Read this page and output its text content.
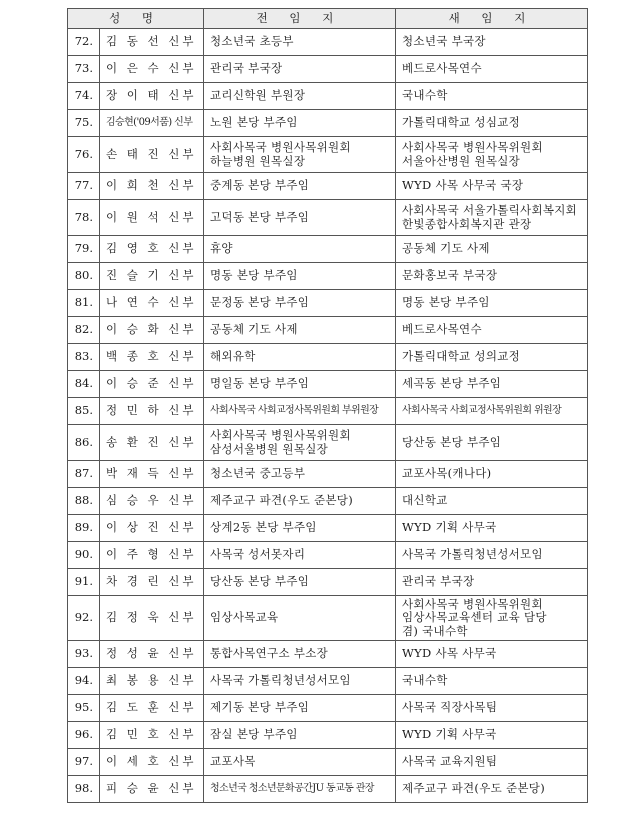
성 명		전 임 지	새 임 지
72.	김 동 선 신부	청소년국 초등부	청소년국 부국장

73.	이 은 수 신부	관리국 부국장	베드로사목연수

74.	장 이 태 신부	교리신학원 부원장	국내수학

75.	김승현('09서품) 신부	노원 본당 부주임	가톨릭대학교 성심교정

76.	손 태 진 신부	사회사목국 병원사목위원회
하늘병원 원목실장	사회사목국 병원사목위원회
서울아산병원 원목실장

77.	이 희 천 신부	중계동 본당 부주임	WYD 사목 사무국 국장

78.	이 원 석 신부	고덕동 본당 부주임	사회사목국 서울가톨릭사회복지회
한빛종합사회복지관 관장

79.	김 영 호 신부	휴양	공동체 기도 사제

80.	진 슬 기 신부	명동 본당 부주임	문화홍보국 부국장

81.	나 연 수 신부	문정동 본당 부주임	명동 본당 부주임

82.	이 승 화 신부	공동체 기도 사제	베드로사목연수

83.	백 종 호 신부	해외유학	가톨릭대학교 성의교정

84.	이 승 준 신부	명일동 본당 부주임	세곡동 본당 부주임

85.	정 민 하 신부	사회사목국 사회교정사목위원회 부위원장	사회사목국 사회교정사목위원회 위원장

86.	송 환 진 신부	사회사목국 병원사목위원회
삼성서울병원 원목실장	당산동 본당 부주임

87.	박 재 득 신부	청소년국 중고등부	교포사목(캐나다)

88.	심 승 우 신부	제주교구 파견(우도 준본당)	대신학교

89.	이 상 진 신부	상계2동 본당 부주임	WYD 기획 사무국

90.	이 주 형 신부	사목국 성서못자리	사목국 가톨릭청년성서모임

91.	차 경 린 신부	당산동 본당 부주임	관리국 부국장

92.	김 정 욱 신부	임상사목교육	사회사목국 병원사목위원회
임상사목교육센터 교육 담당
겸) 국내수학

93.	정 성 윤 신부	통합사목연구소 부소장	WYD 사목 사무국

94.	최 봉 용 신부	사목국 가톨릭청년성서모임	국내수학

95.	김 도 훈 신부	제기동 본당 부주임	사목국 직장사목팀

96.	김 민 호 신부	잠실 본당 부주임	WYD 기획 사무국

97.	이 세 호 신부	교포사목	사목국 교육지원팀

98.	피 승 윤 신부	청소년국 청소년문화공간JU 동교동 관장	제주교구 파견(우도 준본당)
